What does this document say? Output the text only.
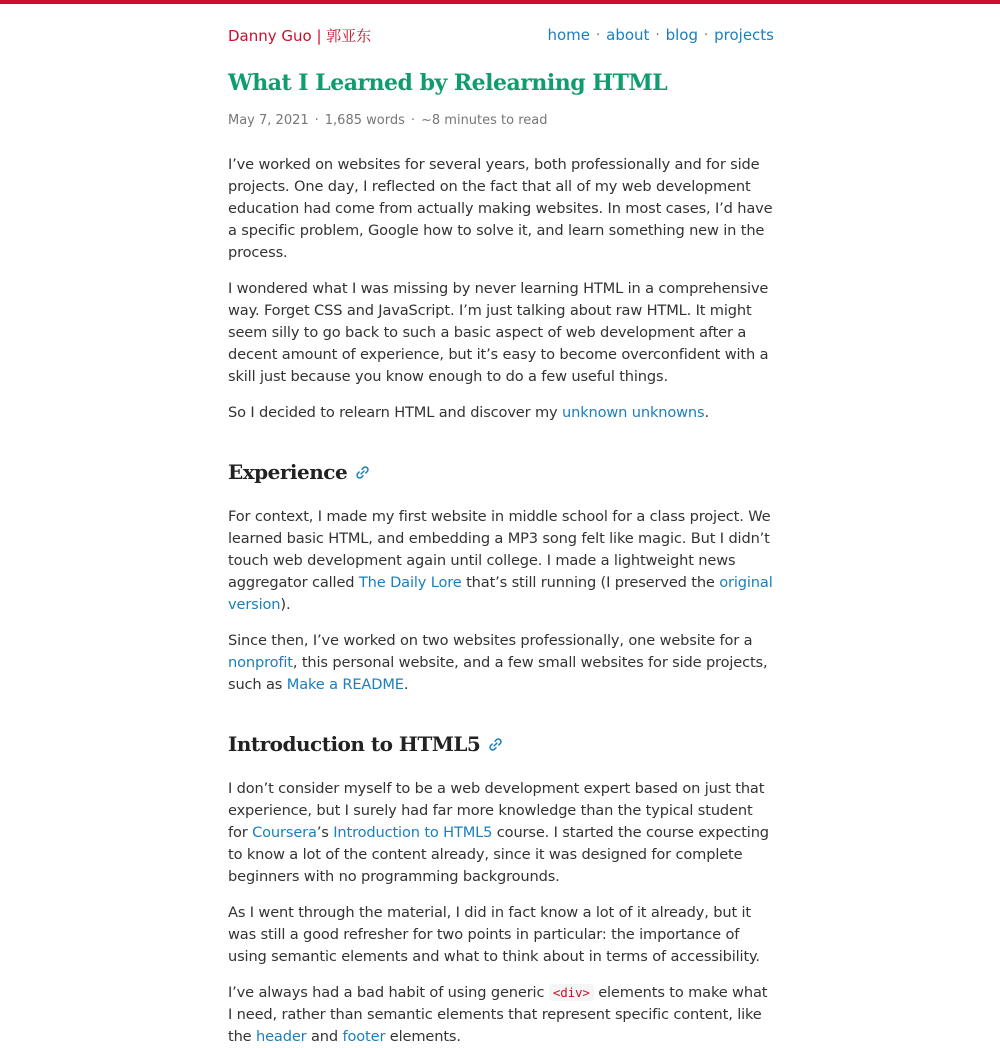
Danny Guo | 郭亚东	home · about · blog · projects
What I Learned by Relearning HTML
May 7, 2021 · 1,685 words · ~8 minutes to read

I’ve worked on websites for several years, both professionally and for side projects. One day, I reflected on the fact that all of my web development education had come from actually making websites. In most cases, I’d have a specific problem, Google how to solve it, and learn something new in the process.

I wondered what I was missing by never learning HTML in a comprehensive way. Forget CSS and JavaScript. I’m just talking about raw HTML. It might seem silly to go back to such a basic aspect of web development after a decent amount of experience, but it’s easy to become overconfident with a skill just because you know enough to do a few useful things.

So I decided to relearn HTML and discover my unknown unknowns.

Experience

For context, I made my first website in middle school for a class project. We learned basic HTML, and embedding a MP3 song felt like magic. But I didn’t touch web development again until college. I made a lightweight news aggregator called The Daily Lore that’s still running (I preserved the original version).

Since then, I’ve worked on two websites professionally, one website for a nonprofit, this personal website, and a few small websites for side projects, such as Make a README.

Introduction to HTML5

I don’t consider myself to be a web development expert based on just that experience, but I surely had far more knowledge than the typical student for Coursera’s Introduction to HTML5 course. I started the course expecting to know a lot of the content already, since it was designed for complete beginners with no programming backgrounds.

As I went through the material, I did in fact know a lot of it already, but it was still a good refresher for two points in particular: the importance of using semantic elements and what to think about in terms of accessibility.

I’ve always had a bad habit of using generic <div> elements to make what I need, rather than semantic elements that represent specific content, like the header and footer elements.
